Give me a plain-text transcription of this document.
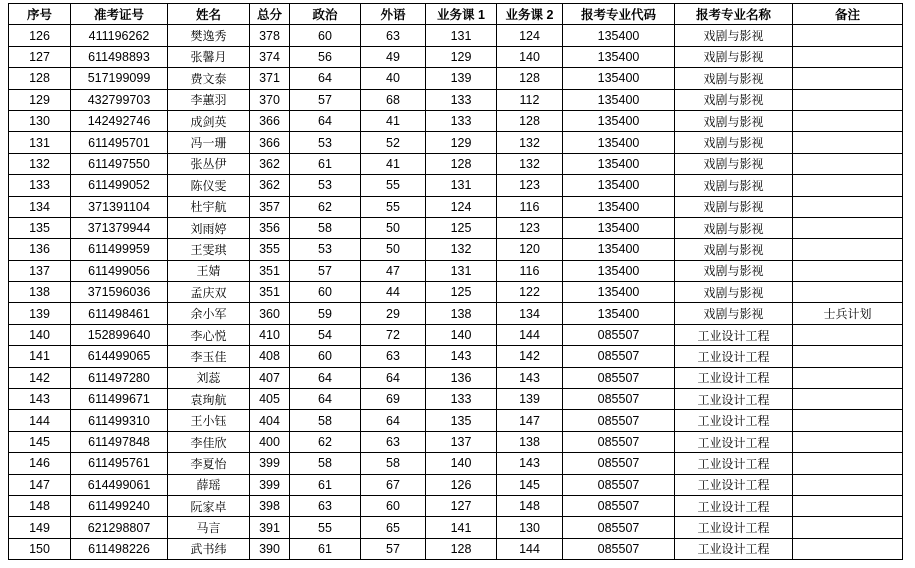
序号	准考证号	姓名	总分	政治	外语	业务课 1	业务课 2	报考专业代码	报考专业名称	备注
126	411196262	樊逸秀	378	60	63	131	124	135400	戏剧与影视	
127	611498893	张馨月	374	56	49	129	140	135400	戏剧与影视	
128	517199099	费文泰	371	64	40	139	128	135400	戏剧与影视	
129	432799703	李蕙羽	370	57	68	133	112	135400	戏剧与影视	
130	142492746	成剑英	366	64	41	133	128	135400	戏剧与影视	
131	611495701	冯一珊	366	53	52	129	132	135400	戏剧与影视	
132	611497550	张丛伊	362	61	41	128	132	135400	戏剧与影视	
133	611499052	陈仪雯	362	53	55	131	123	135400	戏剧与影视	
134	371391104	杜宇航	357	62	55	124	116	135400	戏剧与影视	
135	371379944	刘雨婷	356	58	50	125	123	135400	戏剧与影视	
136	611499959	王雯琪	355	53	50	132	120	135400	戏剧与影视	
137	611499056	王婧	351	57	47	131	116	135400	戏剧与影视	
138	371596036	孟庆双	351	60	44	125	122	135400	戏剧与影视	
139	611498461	余小军	360	59	29	138	134	135400	戏剧与影视	士兵计划
140	152899640	李心悦	410	54	72	140	144	085507	工业设计工程	
141	614499065	李玉佳	408	60	63	143	142	085507	工业设计工程	
142	611497280	刘蕊	407	64	64	136	143	085507	工业设计工程	
143	611499671	袁珣航	405	64	69	133	139	085507	工业设计工程	
144	611499310	王小钰	404	58	64	135	147	085507	工业设计工程	
145	611497848	李佳欣	400	62	63	137	138	085507	工业设计工程	
146	611495761	李夏怡	399	58	58	140	143	085507	工业设计工程	
147	614499061	薛瑶	399	61	67	126	145	085507	工业设计工程	
148	611499240	阮家卓	398	63	60	127	148	085507	工业设计工程	
149	621298807	马言	391	55	65	141	130	085507	工业设计工程	
150	611498226	武书纬	390	61	57	128	144	085507	工业设计工程	
